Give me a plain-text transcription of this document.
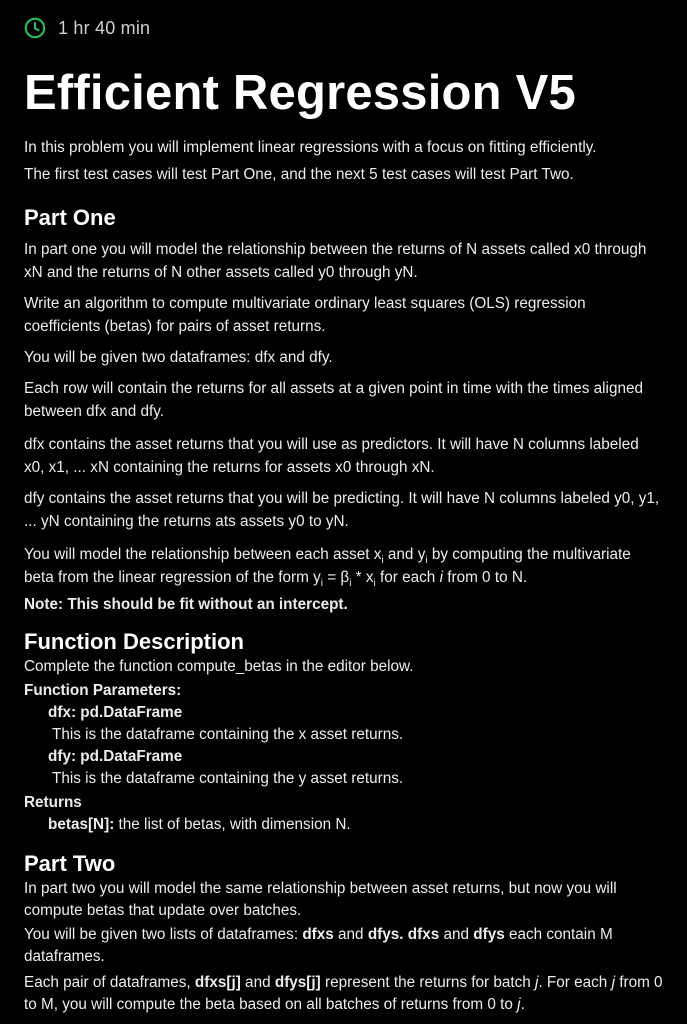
1 hr 40 min
Efficient Regression V5

In this problem you will implement linear regressions with a focus on fitting efficiently.

The first test cases will test Part One, and the next 5 test cases will test Part Two.

Part One

In part one you will model the relationship between the returns of N assets called x0 through xN and the returns of N other assets called y0 through yN.

Write an algorithm to compute multivariate ordinary least squares (OLS) regression coefficients (betas) for pairs of asset returns.

You will be given two dataframes: dfx and dfy.

Each row will contain the returns for all assets at a given point in time with the times aligned between dfx and dfy.

dfx contains the asset returns that you will use as predictors. It will have N columns labeled x0, x1, ... xN containing the returns for assets x0 through xN.

dfy contains the asset returns that you will be predicting. It will have N columns labeled y0, y1, ... yN containing the returns ats assets y0 to yN.

You will model the relationship between each asset $x_i$ and $y_i$ by computing the multivariate beta from the linear regression of the form $y_i = \beta_i * x_i$ for each i from 0 to N.

Note: This should be fit without an intercept.

Function Description

Complete the function compute_betas in the editor below.

Function Parameters:

dfx: pd.DataFrame

This is the dataframe containing the x asset returns.

dfy: pd.DataFrame

This is the dataframe containing the y asset returns.

Returns

betas[N]: the list of betas, with dimension N.

Part Two

In part two you will model the same relationship between asset returns, but now you will compute betas that update over batches.

You will be given two lists of dataframes: dfxs and dfys. dfxs and dfys each contain M dataframes.

Each pair of dataframes, dfxs[j] and dfys[j] represent the returns for batch j. For each j from 0 to M, you will compute the beta based on all batches of returns from 0 to j.
